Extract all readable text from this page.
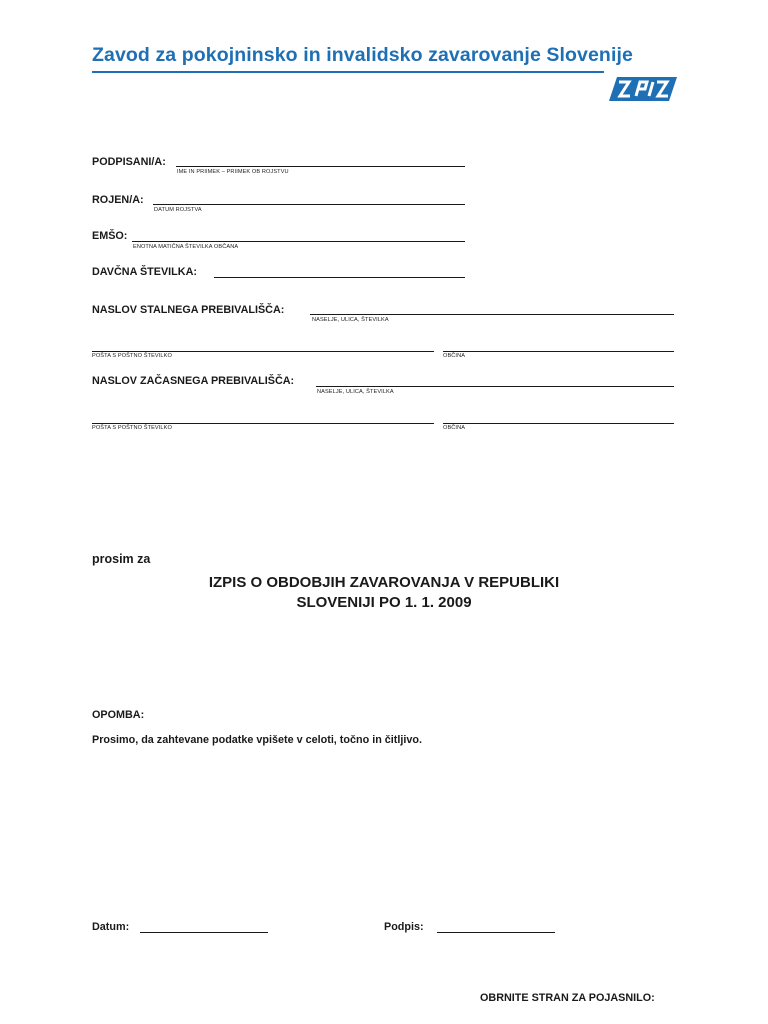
Zavod za pokojninsko in invalidsko zavarovanje Slovenije
PODPISANI/A:
IME IN PRIIMEK – PRIIMEK OB ROJSTVU
ROJEN/A:
DATUM ROJSTVA
EMŠO:
ENOTNA MATIČNA ŠTEVILKA OBČANA
DAVČNA ŠTEVILKA:
NASLOV STALNEGA PREBIVALIŠČA:
NASELJE, ULICA, ŠTEVILKA
POŠTA S POŠTNO ŠTEVILKO	OBČINA
NASLOV ZAČASNEGA PREBIVALIŠČA:
NASELJE, ULICA, ŠTEVILKA
POŠTA S POŠTNO ŠTEVILKO	OBČINA
prosim za
IZPIS O OBDOBJIH ZAVAROVANJA V REPUBLIKI
SLOVENIJI PO 1. 1. 2009
OPOMBA:
Prosimo, da zahtevane podatke vpišete v celoti, točno in čitljivo.
Datum:	Podpis:
OBRNITE STRAN ZA POJASNILO:
